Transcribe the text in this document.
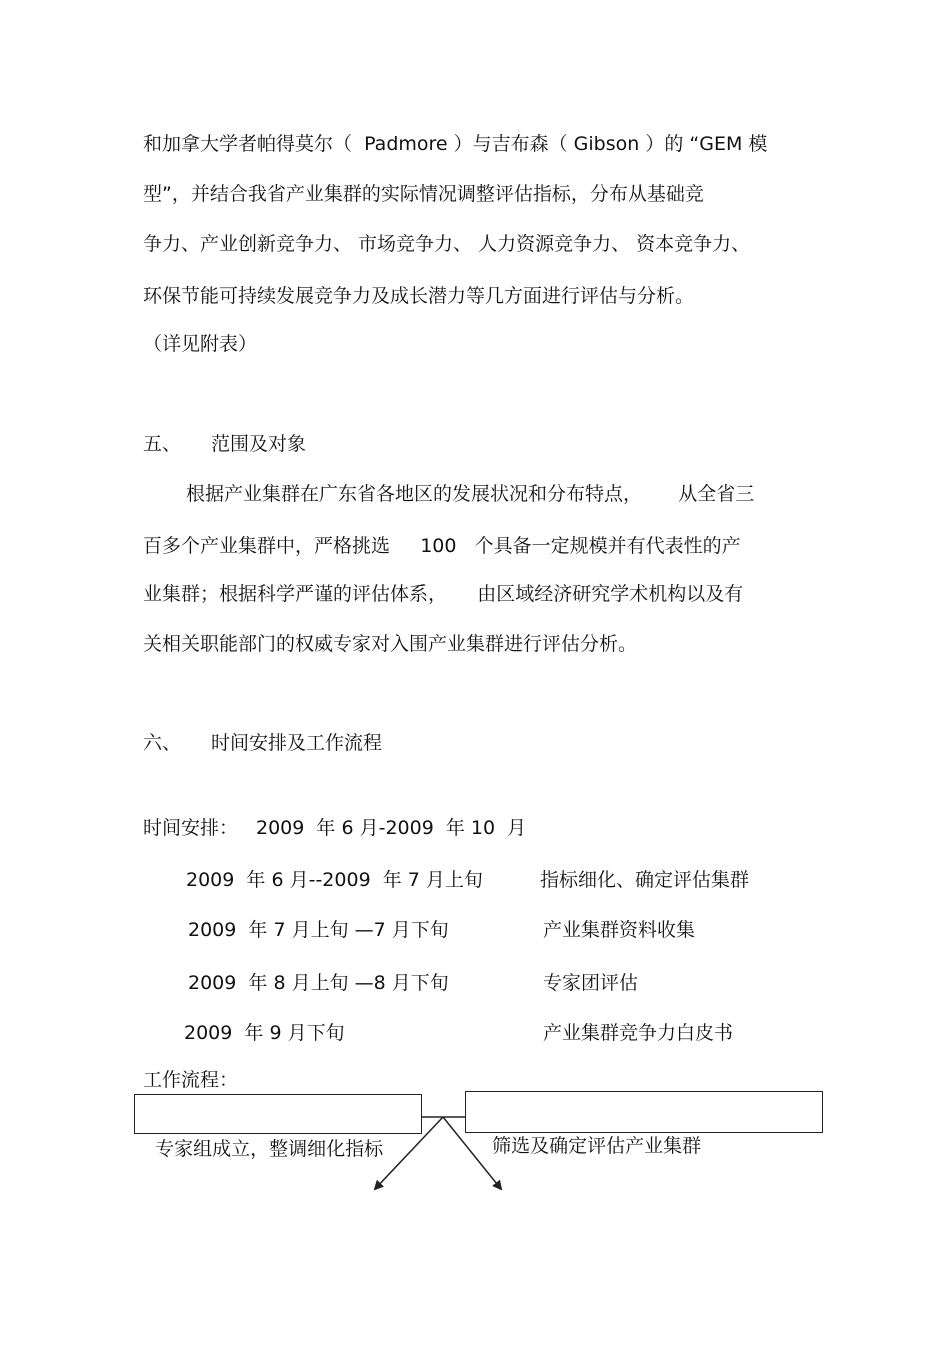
和加拿大学者帕得莫尔（  Padmore ）与吉布森（ Gibson ）的 “GEM 模
型”，并结合我省产业集群的实际情况调整评估指标，分布从基础竞
争力、产业创新竞争力、 市场竞争力、 人力资源竞争力、 资本竞争力、
环保节能可持续发展竞争力及成长潜力等几方面进行评估与分析。
（详见附表）
五、 范围及对象
根据产业集群在广东省各地区的发展状况和分布特点，      从全省三
百多个产业集群中，严格挑选     100   个具备一定规模并有代表性的产
业集群；根据科学严谨的评估体系，     由区域经济研究学术机构以及有
关相关职能部门的权威专家对入围产业集群进行评估分析。
六、 时间安排及工作流程
时间安排： 2009  年 6 月-2009  年 10  月
2009  年 6 月--2009  年 7 月上旬	指标细化、确定评估集群
2009  年 7 月上旬 —7 月下旬	产业集群资料收集
2009  年 8 月上旬 —8 月下旬	专家团评估
2009  年 9 月下旬	产业集群竞争力白皮书
工作流程：

专家组成立，整调细化指标	筛选及确定评估产业集群
